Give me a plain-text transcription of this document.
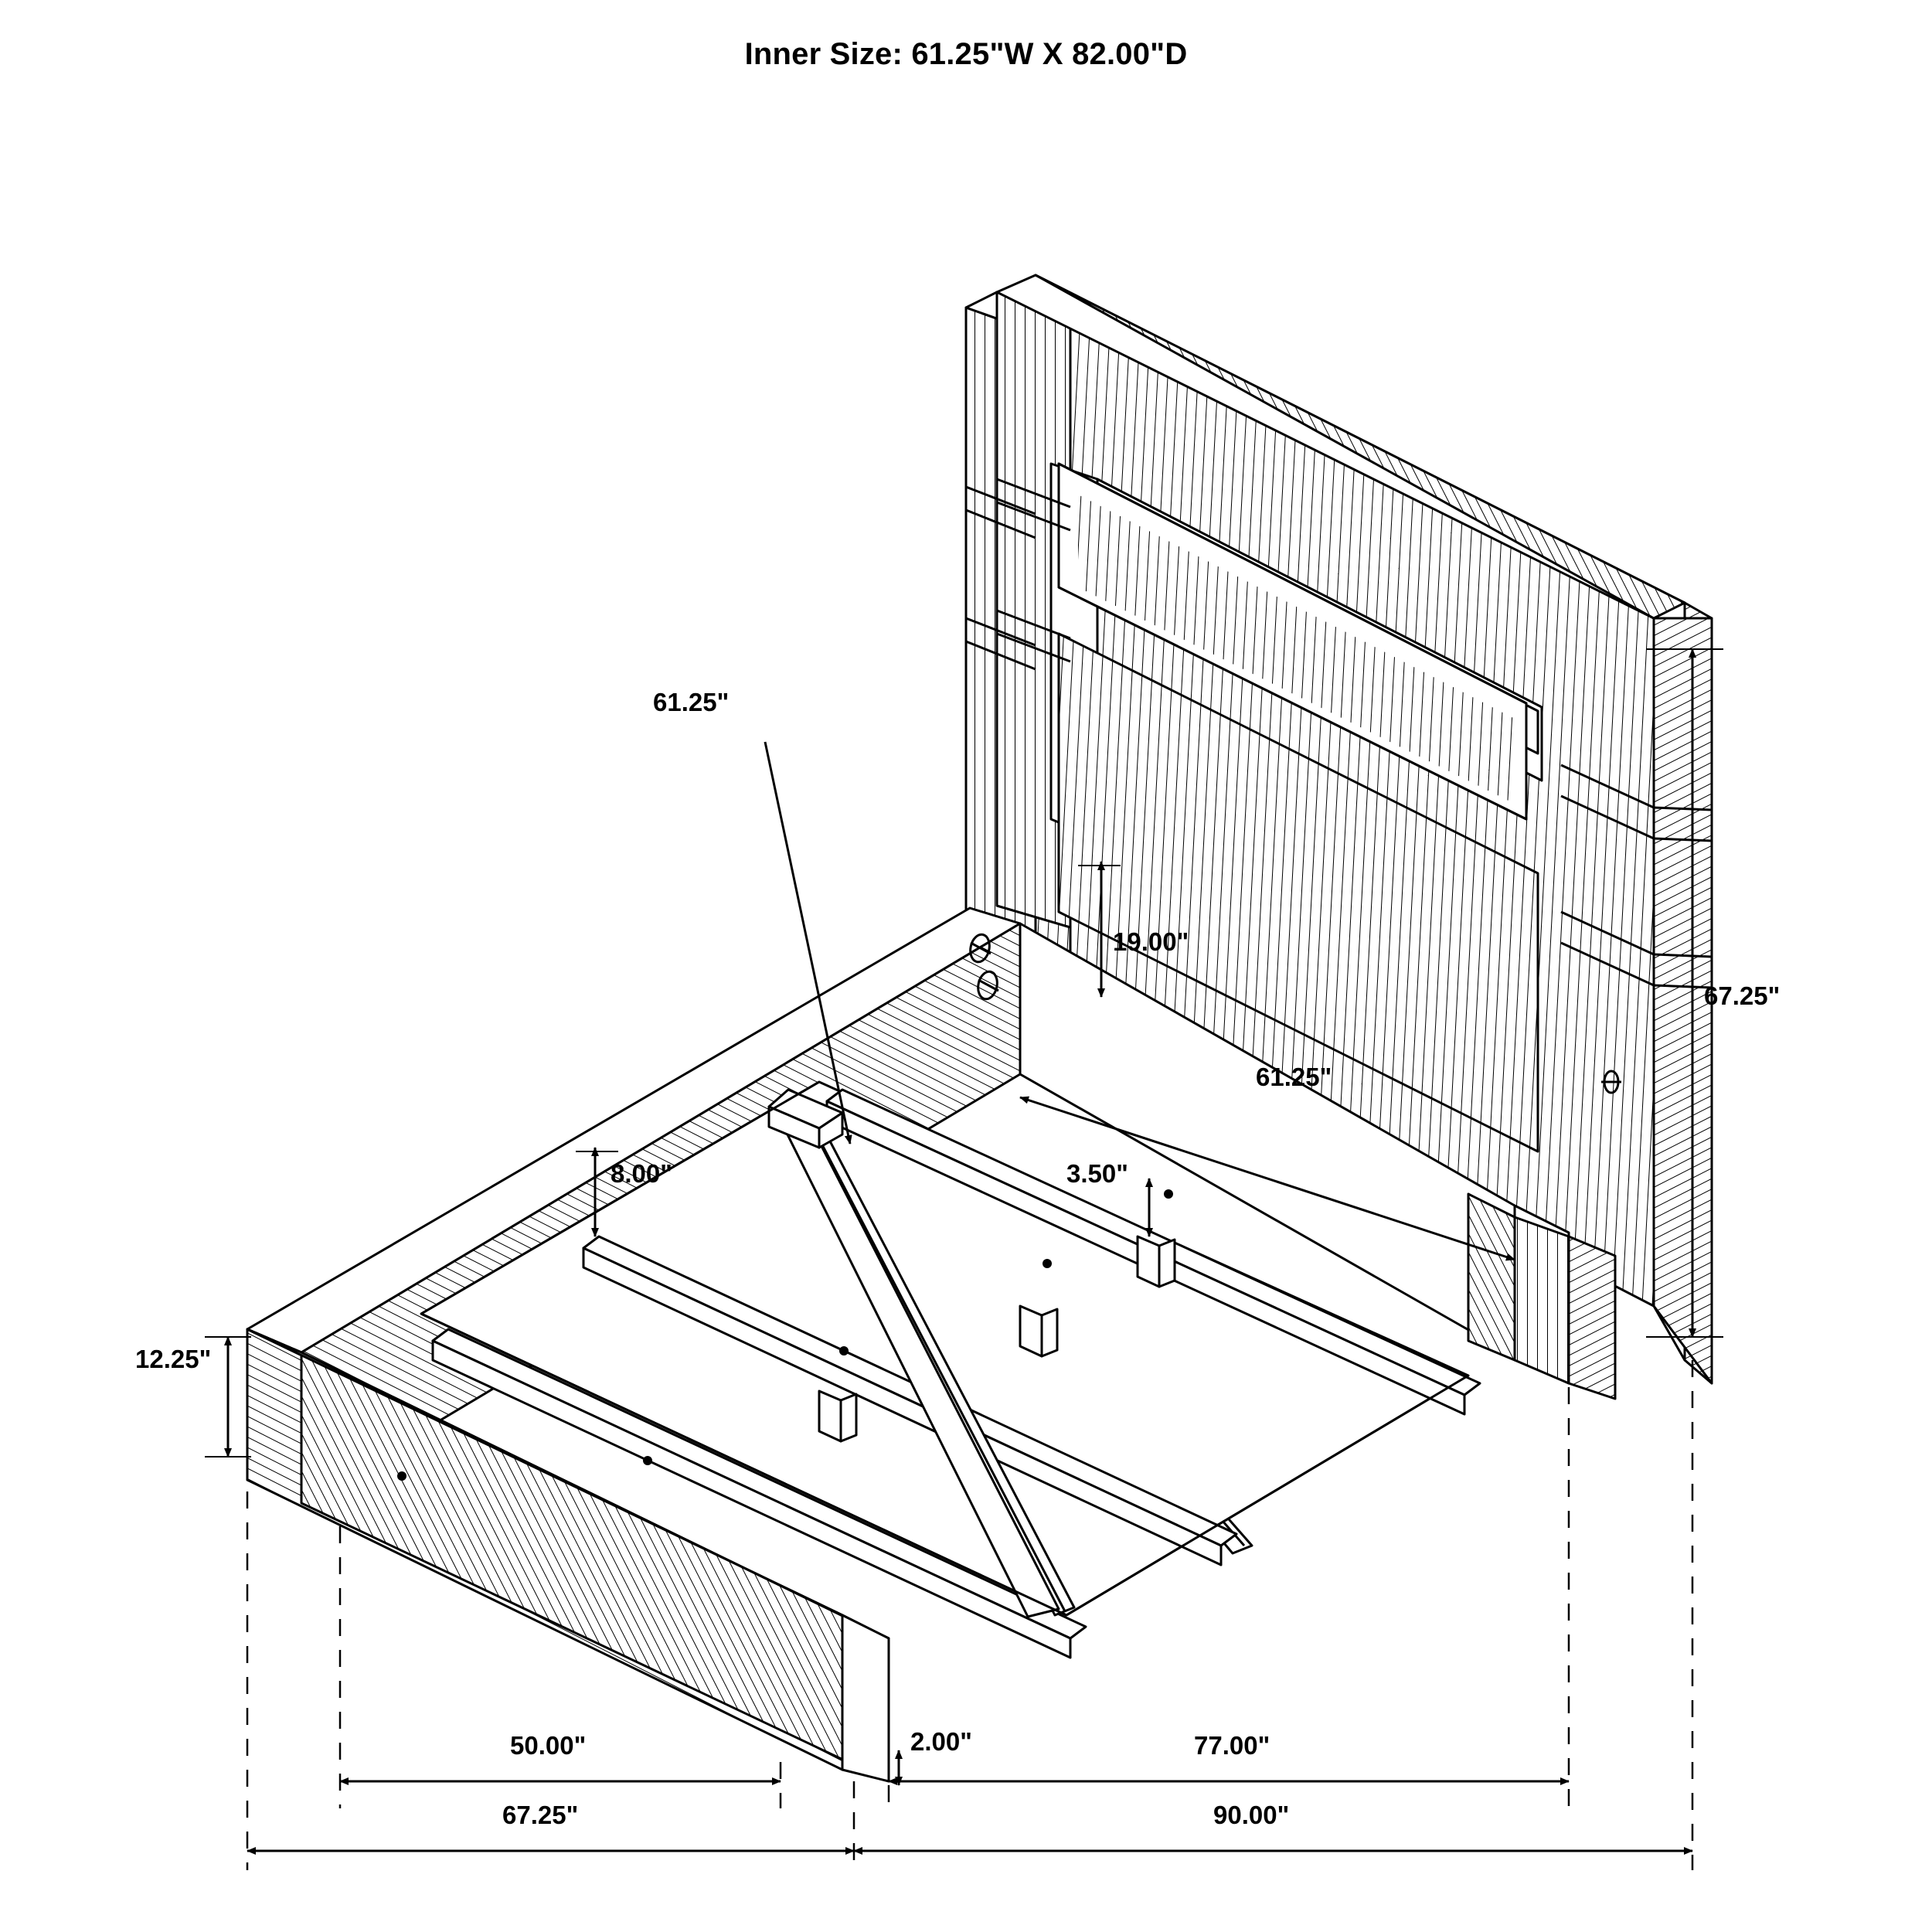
Inner Size: 61.25"W X 82.00"D
67.25"
19.00"
61.25"
61.25"
8.00"	3.50"
12.25"
2.00"
50.00"
67.25"
77.00"
90.00"
